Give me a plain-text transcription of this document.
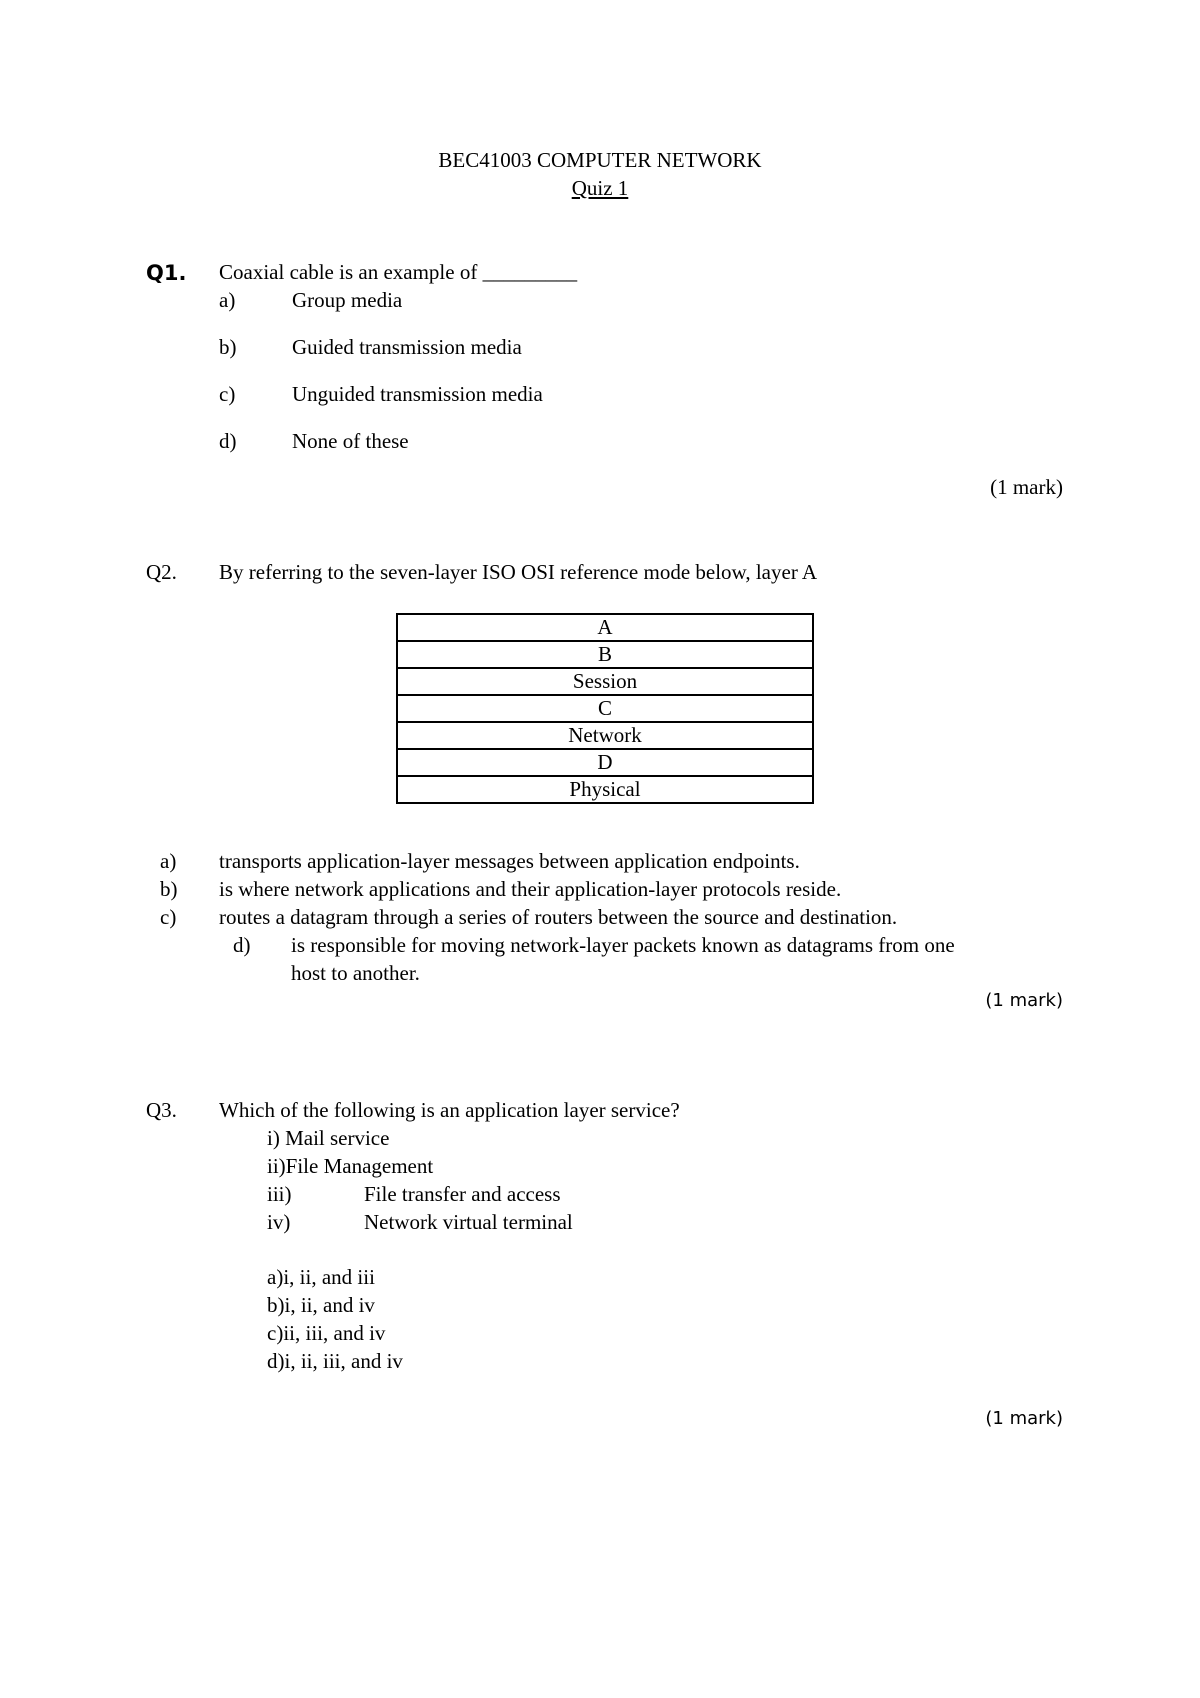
BEC41003 COMPUTER NETWORK
Quiz 1
Q1. Coaxial cable is an example of _________
a)	Group media
b)	Guided transmission media
c)	Unguided transmission media
d)	None of these
(1 mark)
Q2. By referring to the seven-layer ISO OSI reference mode below, layer A
A
B
Session
C
Network
D
Physical
a) transports application-layer messages between application endpoints.
b) is where network applications and their application-layer protocols reside.
c) routes a datagram through a series of routers between the source and destination.
d) is responsible for moving network-layer packets known as datagrams from one
host to another.
(1 mark)
Q3. Which of the following is an application layer service?
i) Mail service
ii)File Management
iii)	File transfer and access
iv)	Network virtual terminal
a)i, ii, and iii
b)i, ii, and iv
c)ii, iii, and iv
d)i, ii, iii, and iv
(1 mark)
